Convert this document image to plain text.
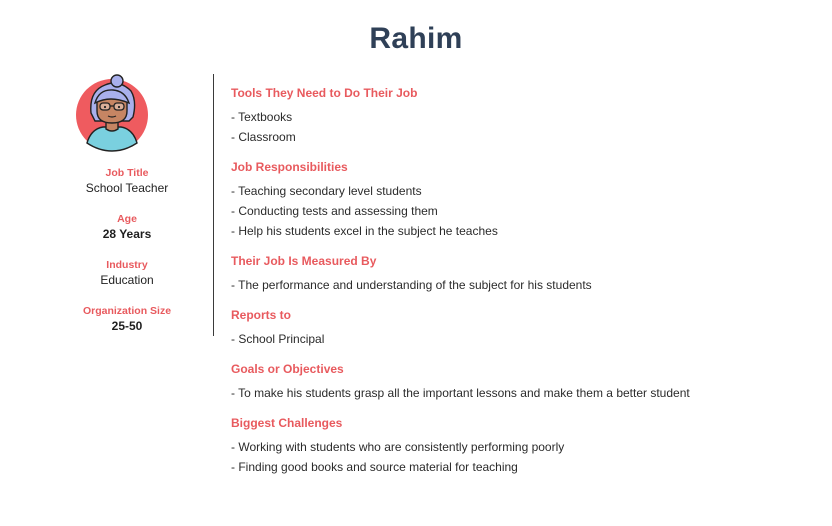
Rahim
Job Title
School Teacher
Age
28 Years
Industry
Education
Organization Size
25-50
Tools They Need to Do Their Job
- Textbooks
- Classroom
Job Responsibilities
- Teaching secondary level students
- Conducting tests and assessing them
- Help his students excel in the subject he teaches
Their Job Is Measured By
- The performance and understanding of the subject for his students
Reports to
- School Principal
Goals or Objectives
- To make his students grasp all the important lessons and make them a better student
Biggest Challenges
- Working with students who are consistently performing poorly
- Finding good books and source material for teaching
